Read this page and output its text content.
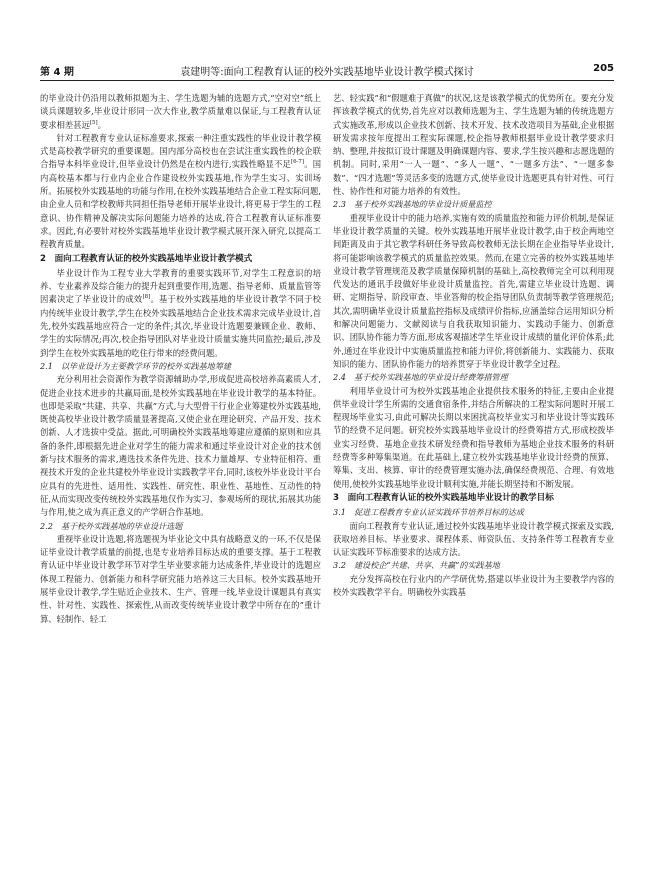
第 4 期	袁建明等:面向工程教育认证的校外实践基地毕业设计教学模式探讨	205
的毕业设计仍沿用以教师拟题为主、学生选题为辅的选题方式,“空对空”纸上谈兵课题较多,毕业设计形同一次大作业,教学质量难以保证,与工程教育认证要求相差甚远[5]。
针对工程教育专业认证标准要求,探索一种注重实践性的毕业设计教学模式是高校教学研究的重要课题。国内部分高校也在尝试注重实践性的校企联合指导本科毕业设计,但毕业设计仍然是在校内进行,实践性略显不足[6-7]。国内高校基本都与行业内企业合作建设校外实践基地,作为学生实习、实训场所。拓展校外实践基地的功能与作用,在校外实践基地结合企业工程实际问题,由企业人员和学校教师共同担任指导老师开展毕业设计,将更易于学生的工程意识、协作精神及解决实际问题能力培养的达成,符合工程教育认证标准要求。因此,有必要针对校外实践基地毕业设计教学模式展开深入研究,以提高工程教育质量。
2　面向工程教育认证的校外实践基地毕业设计教学模式
毕业设计作为工程专业大学教育的重要实践环节,对学生工程意识的培养、专业素养及综合能力的提升起到重要作用,选题、指导老师、质量监管等因素决定了毕业设计的成效[8]。基于校外实践基地的毕业设计教学不同于校内传统毕业设计教学,学生在校外实践基地结合企业技术需求完成毕业设计,首先,校外实践基地应符合一定的条件;其次,毕业设计选题要兼顾企业、教师、学生的实际情况;再次,校企指导团队对毕业设计质量实施共同监控;最后,涉及到学生在校外实践基地的吃住行带来的经费问题。
2.1　以毕业设计为主要教学环节的校外实践基地筹建
充分利用社会资源作为教学资源辅助办学,形成促进高校培养高素质人才,促进企业技术进步的共赢局面,是校外实践基地在毕业设计教学的基本特征。也即是采取“共建、共享、共赢”方式,与大型骨干行业企业筹建校外实践基地,既使高校毕业设计教学质量显著提高,又使企业在理论研究、产品开发、技术创新、人才选拔中受益。据此,可明确校外实践基地筹建应遵循的原则和应具备的条件,即根据先进企业对学生的能力需求和通过毕业设计对企业的技术创新与技术服务的需求,遴选技术条件先进、技术力量雄厚、专业特征相符、重视技术开发的企业共建校外毕业设计实践教学平台,同时,该校外毕业设计平台应具有的先进性、适用性、实践性、研究性、职业性、基地性、互动性的特征,从而实现改变传统校外实践基地仅作为实习、参观场所的现状,拓展其功能与作用,使之成为真正意义的产学研合作基地。
2.2　基于校外实践基地的毕业设计选题
重视毕业设计选题,将选题视为毕业论文中具有战略意义的一环,不仅是保证毕业设计教学质量的前提,也是专业培养目标达成的重要支撑。基于工程教育认证中毕业设计教学环节对学生毕业要求能力达成条件,毕业设计的选题应体现工程能力、创新能力和科学研究能力培养这三大目标。校外实践基地开展毕业设计教学,学生贴近企业技术、生产、管理一线,毕业设计课题具有真实性、针对性、实践性、探索性,从而改变传统毕业设计教学中所存在的“重计算、轻制作、轻工
艺、轻实践”和“假题难于真做”的状况,这是该教学模式的优势所在。要充分发挥该教学模式的优势,首先应对以教师选题为主、学生选题为辅的传统选题方式实施改革,形成以企业技术创新、技术开发、技术改造项目为基础,企业根据研发需求按年度提出工程实际课题,校企指导教师根据毕业设计教学要求归纳、整理,并按拟订设计课题及明确课题内容、要求,学生按兴趣和志愿选题的机制。同时,采用“一人一题”、“多人一题”、“一题多方法”、“一题多参数”、“四才选题”等灵活多变的选题方式,使毕业设计选题更具有针对性、可行性、协作性和对能力培养的有效性。
2.3　基于校外实践基地的毕业设计质量监控
重视毕业设计中的能力培养,实施有效的质量监控和能力评价机制,是保证毕业设计教学质量的关键。校外实践基地开展毕业设计教学,由于校企两地空间距离及由于其它教学科研任务导致高校教师无法长期在企业指导毕业设计,将可能影响该教学模式的质量监控效果。然而,在建立完善的校外实践基地毕业设计教学管理规范及教学质量保障机制的基础上,高校教师完全可以利用现代发达的通讯手段做好毕业设计质量监控。首先,需建立毕业设计选题、调研、定期指导、阶段审查、毕业答辩的校企指导团队负责制等教学管理规范;其次,需明确毕业设计质量监控指标及成绩评价指标,应涵盖综合运用知识分析和解决问题能力、文献阅读与自我获取知识能力、实践动手能力、创新意识、团队协作能力等方面,形成客观描述学生毕业设计成绩的量化评价体系;此外,通过在毕业设计中实施质量监控和能力评价,将创新能力、实践能力、获取知识的能力、团队协作能力的培养贯穿于毕业设计教学全过程。
2.4　基于校外实践基地的毕业设计经费筹措管理
利用毕业设计可为校外实践基地企业提供技术服务的特征,主要由企业提供毕业设计学生所需的交通食宿条件,并结合所解决的工程实际问题时开展工程现场毕业实习,由此可解决长期以来困扰高校毕业实习和毕业设计等实践环节的经费不足问题。研究校外实践基地毕业设计的经费筹措方式,形成校拨毕业实习经费、基地企业技术研发经费和指导教师为基地企业技术服务的科研经费等多种筹集渠道。在此基础上,建立校外实践基地毕业设计经费的预算、筹集、支出、核算、审计的经费管理实施办法,确保经费规范、合理、有效地使用,使校外实践基地毕业设计顺利实施,并能长期坚持和不断发展。
3　面向工程教育认证的校外实践基地毕业设计的教学目标
3.1　促进工程教育专业认证实践环节培养目标的达成
面向工程教育专业认证,通过校外实践基地毕业设计教学模式探索及实践,获取培养目标、毕业要求、课程体系、师资队伍、支持条件等工程教育专业认证实践环节标准要求的达成方法。
3.2　建设校企“共建、共享、共赢”的实践基地
充分发挥高校在行业内的产学研优势,搭建以毕业设计为主要教学内容的校外实践教学平台。明确校外实践基
